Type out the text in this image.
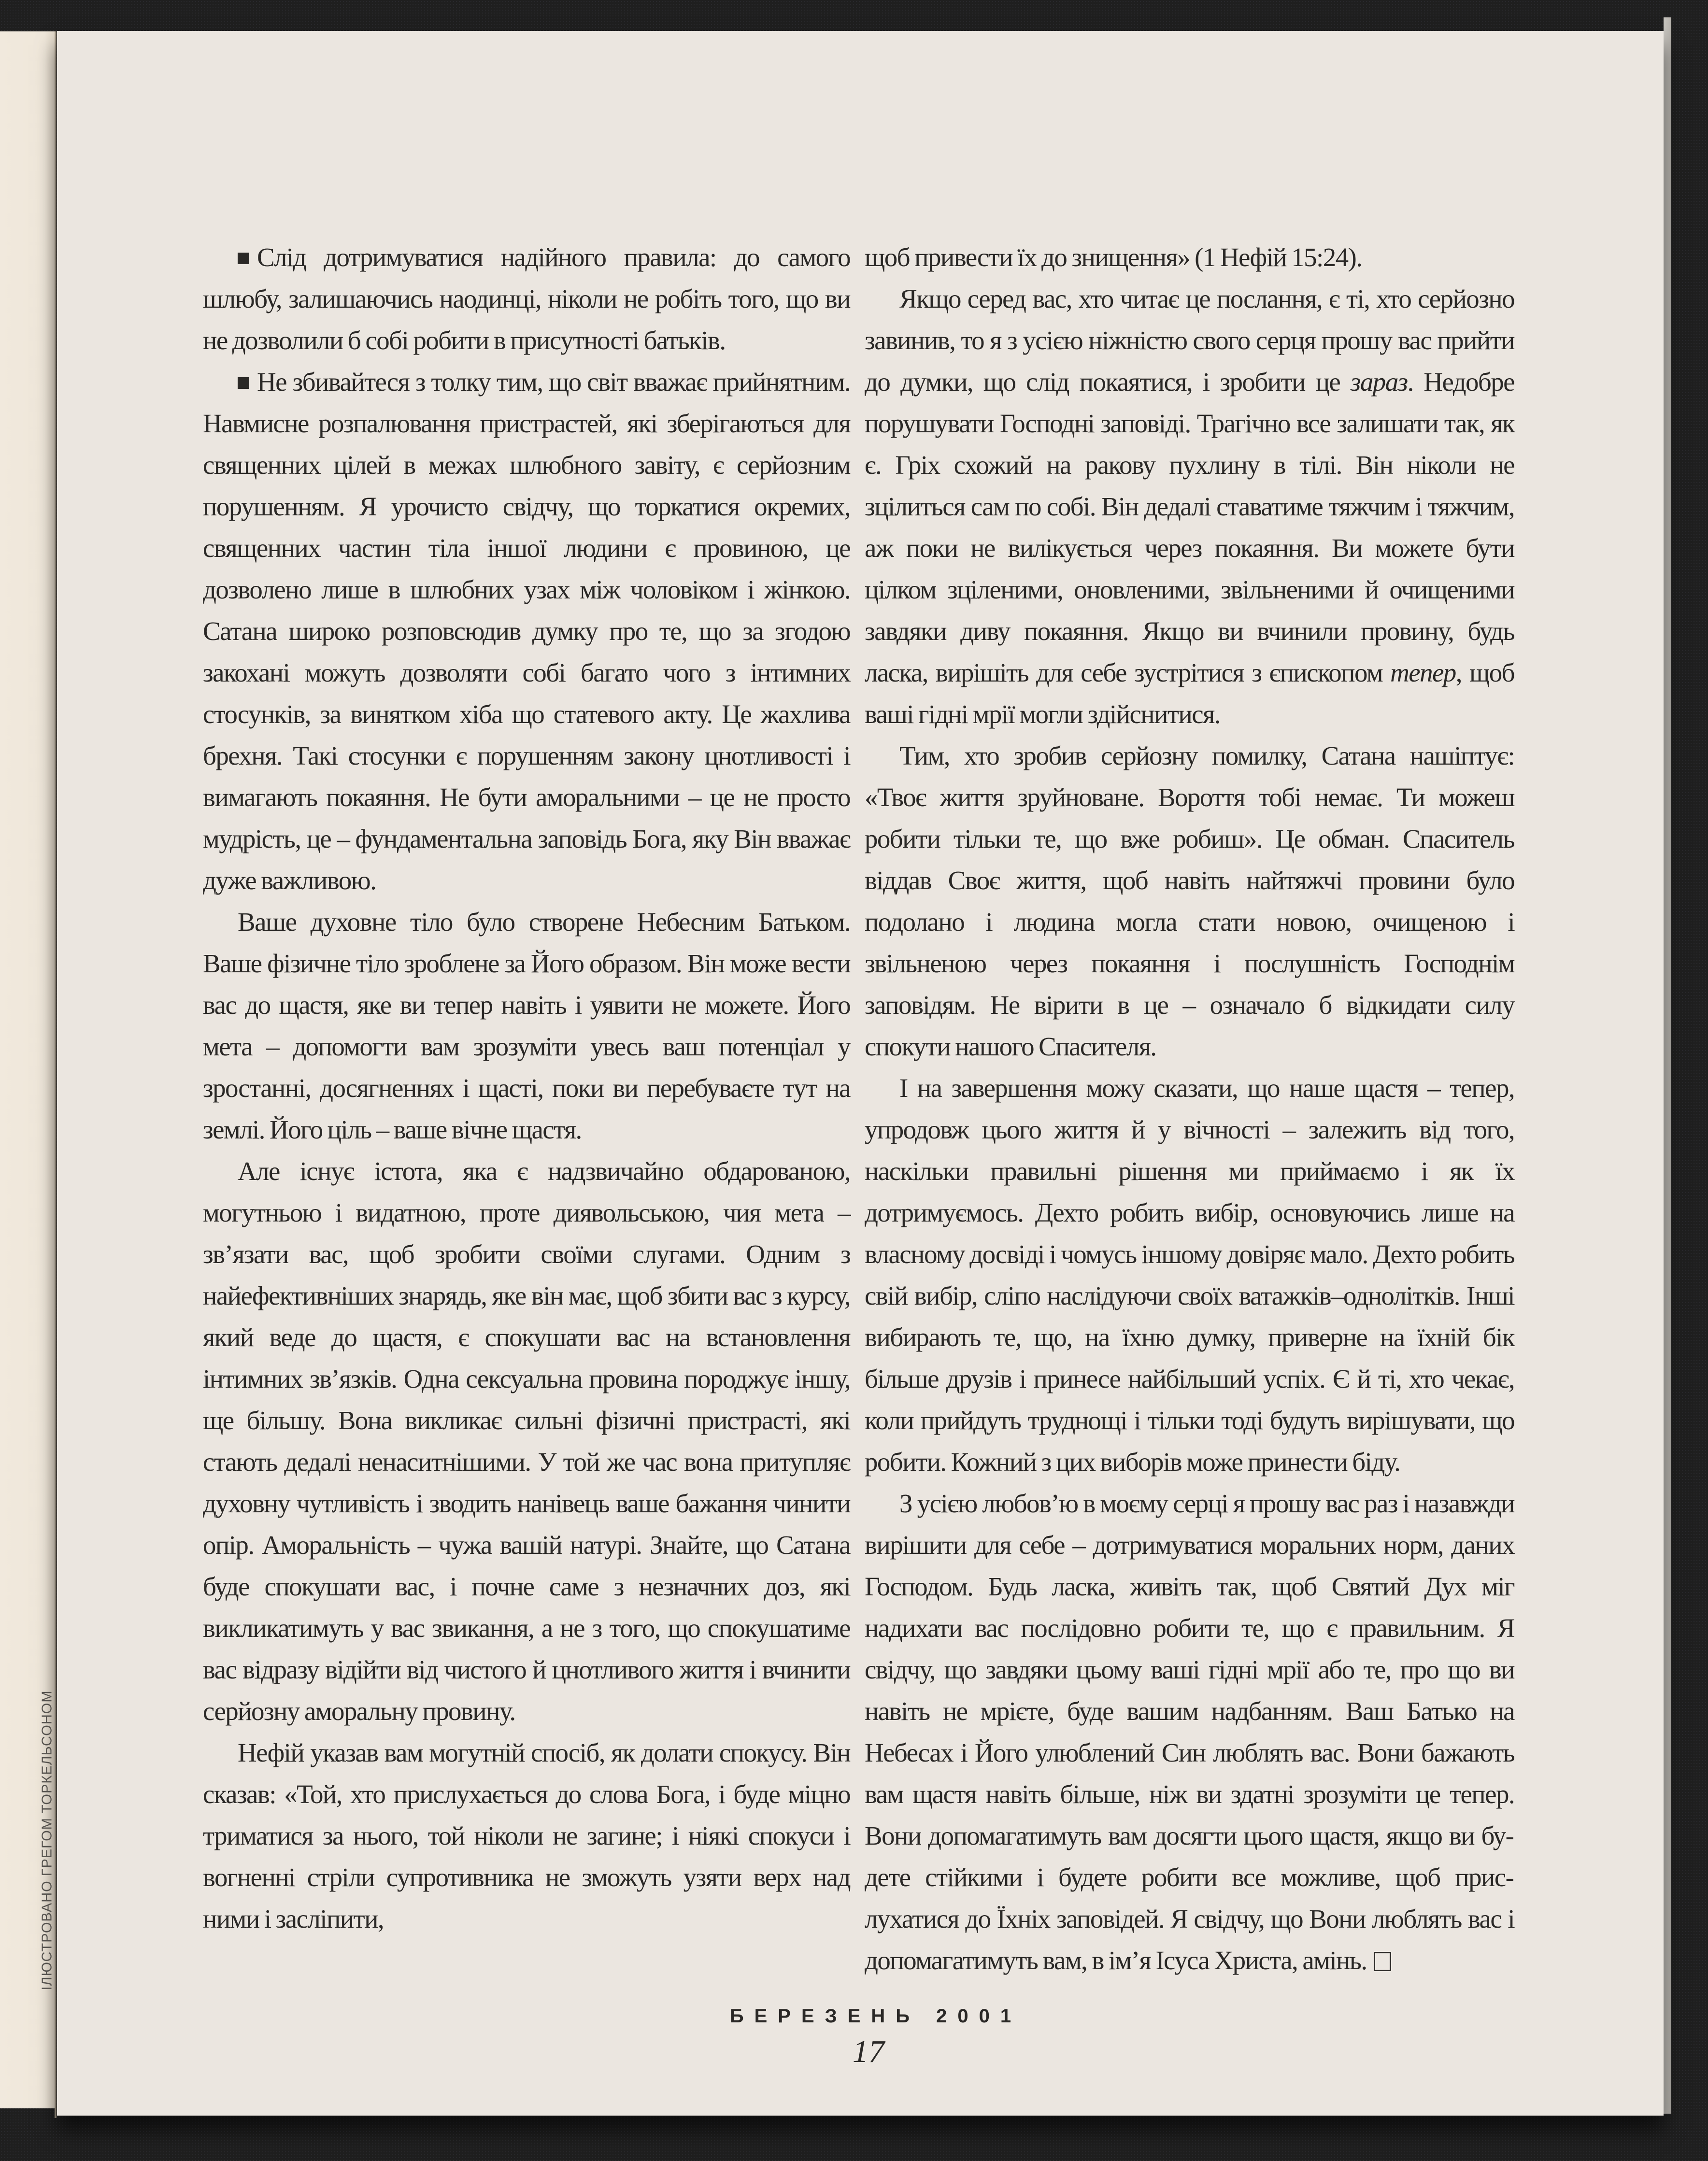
ІЛЮСТРОВАНО ГРЕГОМ ТОРКЕЛЬСОНОМ

Слід дотримуватися надійного правила: до самого шлюбу, залишаючись наодинці, ніколи не робіть того, що ви не дозволили б собі робити в присутності батьків.

Не збивайтеся з толку тим, що світ вважає прийнятним. Навмисне розпалювання пристрастей, які зберігаються для священних цілей в межах шлюбного завіту, є серйозним порушенням. Я урочисто свідчу, що торкатися окремих, священних частин тіла іншої людини є провиною, це дозволено лише в шлюбних узах між чоловіком і жінкою. Сатана широко розповсюдив думку про те, що за згодою закохані можуть дозволяти собі багато чого з інтимних стосунків, за винятком хіба що статевого акту. Це жахлива брехня. Такі стосунки є порушенням закону цнотливості і вимагають покаяння. Не бути аморальними – це не просто мудрість, це – фундаментальна заповідь Бога, яку Він вважає дуже важливою.

Ваше духовне тіло було створене Небесним Батьком. Ваше фізичне тіло зроблене за Його образом. Він може вести вас до щастя, яке ви тепер навіть і уявити не можете. Його мета – допомогти вам зрозуміти увесь ваш потенціал у зростанні, досягненнях і щасті, поки ви перебуваєте тут на землі. Його ціль – ваше вічне щастя.

Але існує істота, яка є надзвичайно обдарованою, могутньою і видатною, проте диявольською, чия мета – зв’язати вас, щоб зробити своїми слугами. Одним з найефективніших знарядь, яке він має, щоб збити вас з курсу, який веде до щастя, є спокушати вас на встановлення інтимних зв’язків. Одна сексуальна провина породжує іншу, ще більшу. Вона викликає сильні фізичні пристрасті, які стають дедалі ненаситнішими. У той же час вона притупляє духовну чутливість і зводить нанівець ваше бажання чинити опір. Аморальність – чужа вашій натурі. Знайте, що Сатана буде спокушати вас, і почне саме з незначних доз, які викликатимуть у вас звикання, а не з того, що спокушатиме вас відразу відійти від чистого й цнотливого життя і вчинити серйозну аморальну провину.

Нефій указав вам могутній спосіб, як долати спокусу. Він сказав: «Той, хто прислухається до слова Бога, і буде міцно триматися за нього, той ніколи не загине; і ніякі спокуси і вогненні стріли супротивника не зможуть узяти верх над ними і засліпити,

щоб привести їх до знищення» (1 Нефій 15:24).

Якщо серед вас, хто читає це послання, є ті, хто серйозно завинив, то я з усією ніжністю свого серця прошу вас прийти до думки, що слід покаятися, і зробити це зараз. Недобре порушувати Господні заповіді. Трагічно все залишати так, як є. Гріх схожий на ракову пухлину в тілі. Він ніколи не зцілиться сам по собі. Він дедалі ставатиме тяжчим і тяжчим, аж поки не вилікується через покаяння. Ви можете бути цілком зціленими, оновленими, звільненими й очищеними завдяки диву покаяння. Якщо ви вчинили провину, будь ласка, вирішіть для себе зустрітися з єпископом тепер, щоб ваші гідні мрії могли здійснитися.

Тим, хто зробив серйозну помилку, Сатана нашіптує: «Твоє життя зруйноване. Вороття тобі немає. Ти можеш робити тільки те, що вже робиш». Це обман. Спаситель віддав Своє життя, щоб навіть найтяжчі провини було подолано і людина могла стати новою, очищеною і звільненою через покаяння і послушність Господнім заповідям. Не вірити в це – означало б відкидати силу спокути нашого Спасителя.

І на завершення можу сказати, що наше щастя – тепер, упродовж цього життя й у вічності – залежить від того, наскільки правильні рішення ми приймаємо і як їх дотримуємось. Дехто робить вибір, основуючись лише на власному досвіді і чомусь іншому довіряє мало. Дехто робить свій вибір, сліпо наслідуючи своїх ватажків–однолітків. Інші вибирають те, що, на їхню думку, приверне на їхній бік більше друзів і принесе найбільший успіх. Є й ті, хто чекає, коли прийдуть труднощі і тільки тоді будуть вирішувати, що робити. Кожний з цих виборів може принести біду.

З усією любов’ю в моєму серці я прошу вас раз і назавжди вирішити для себе – дотримуватися моральних норм, даних Господом. Будь ласка, живіть так, щоб Святий Дух міг надихати вас послідовно робити те, що є правильним. Я свідчу, що завдяки цьому ваші гідні мрії або те, про що ви навіть не мрієте, буде вашим надбанням. Ваш Батько на Небесах і Його улюблений Син люблять вас. Вони бажають вам щастя навіть більше, ніж ви здатні зрозуміти це тепер. Вони допомагатимуть вам досягти цього щастя, якщо ви будете стійкими і будете робити все можливе, щоб прислухатися до Їхніх заповідей. Я свідчу, що Вони люблять вас і допомагатимуть вам, в ім’я Ісуса Христа, амінь.

БЕРЕЗЕНЬ 2001
17
